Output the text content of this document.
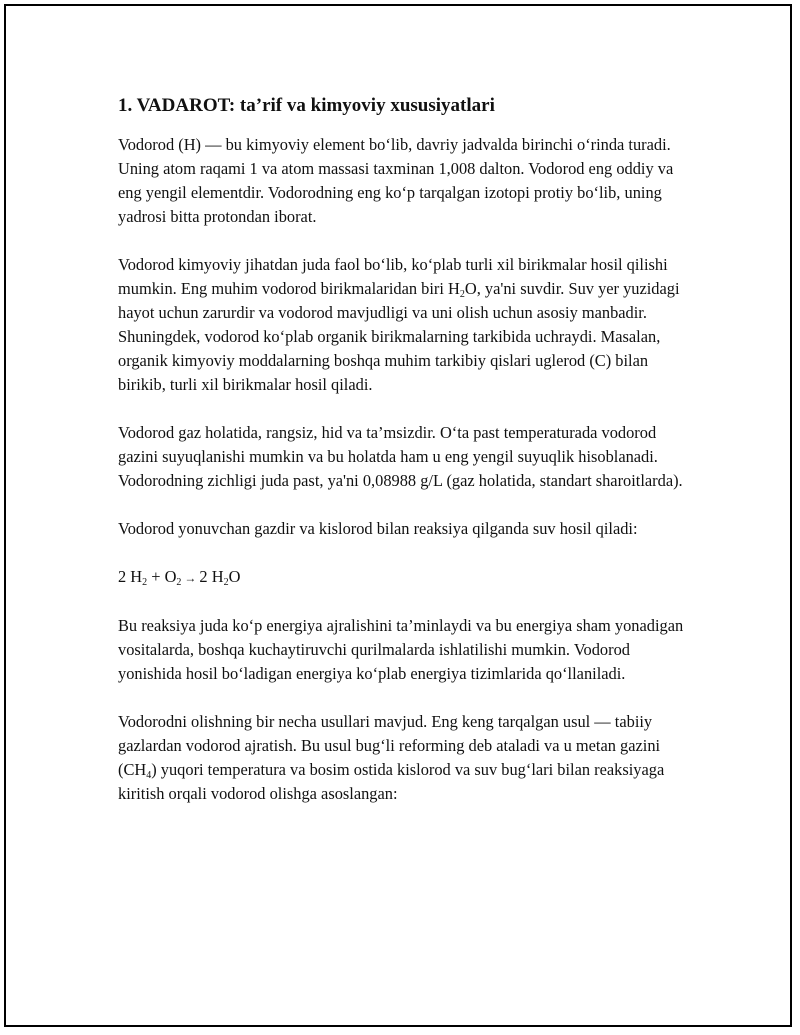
1. VADAROT: ta’rif va kimyoviy xususiyatlari

Vodorod (H) — bu kimyoviy element bo‘lib, davriy jadvalda birinchi o‘rinda turadi. Uning atom raqami 1 va atom massasi taxminan 1,008 dalton. Vodorod eng oddiy va eng yengil elementdir. Vodorodning eng ko‘p tarqalgan izotopi protiy bo‘lib, uning yadrosi bitta protondan iborat.

Vodorod kimyoviy jihatdan juda faol bo‘lib, ko‘plab turli xil birikmalar hosil qilishi mumkin. Eng muhim vodorod birikmalaridan biri $H_2O$, ya'ni suvdir. Suv yer yuzidagi hayot uchun zarurdir va vodorod mavjudligi va uni olish uchun asosiy manbadir. Shuningdek, vodorod ko‘plab organik birikmalarning tarkibida uchraydi. Masalan, organik kimyoviy moddalarning boshqa muhim tarkibiy qislari uglerod (C) bilan birikib, turli xil birikmalar hosil qiladi.

Vodorod gaz holatida, rangsiz, hid va ta’msizdir. O‘ta past temperaturada vodorod gazini suyuqlanishi mumkin va bu holatda ham u eng yengil suyuqlik hisoblanadi. Vodorodning zichligi juda past, ya'ni 0,08988 g/L (gaz holatida, standart sharoitlarda).

Vodorod yonuvchan gazdir va kislorod bilan reaksiya qilganda suv hosil qiladi:

2 $H_2 + O_2 \to 2$ $H_2O$

Bu reaksiya juda ko‘p energiya ajralishini ta’minlaydi va bu energiya sham yonadigan vositalarda, boshqa kuchaytiruvchi qurilmalarda ishlatilishi mumkin. Vodorod yonishida hosil bo‘ladigan energiya ko‘plab energiya tizimlarida qo‘llaniladi.

Vodorodni olishning bir necha usullari mavjud. Eng keng tarqalgan usul — tabiiy gazlardan vodorod ajratish. Bu usul bug‘li reforming deb ataladi va u metan gazini $(CH_4)$ yuqori temperatura va bosim ostida kislorod va suv bug‘lari bilan reaksiyaga kiritish orqali vodorod olishga asoslangan:
